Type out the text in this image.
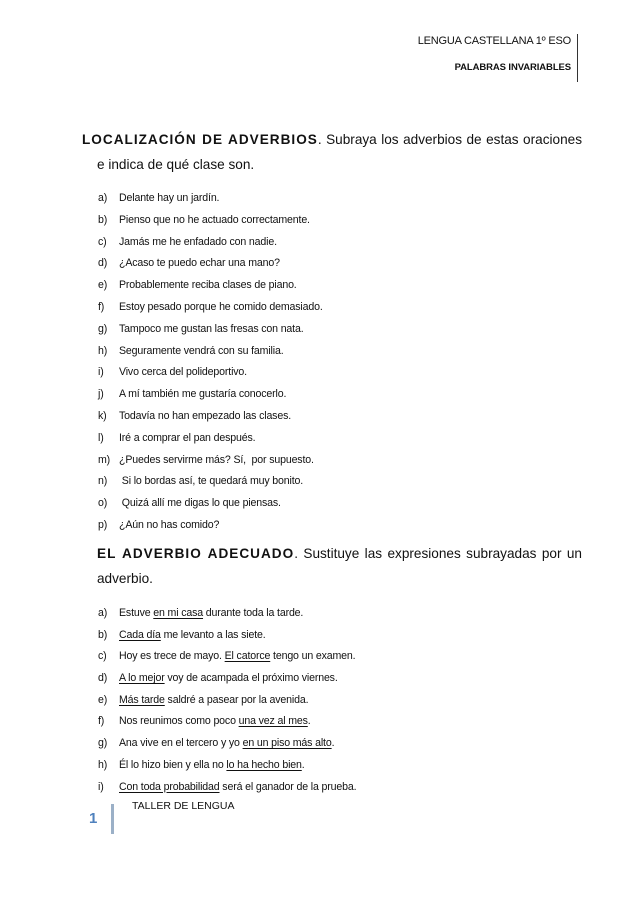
LENGUA CASTELLANA 1º ESO
PALABRAS INVARIABLES

LOCALIZACIÓN DE ADVERBIOS. Subraya los adverbios de estas oraciones e indica de qué clase son.

a) Delante hay un jardín.
b) Pienso que no he actuado correctamente.
c) Jamás me he enfadado con nadie.
d) ¿Acaso te puedo echar una mano?
e) Probablemente reciba clases de piano.
f) Estoy pesado porque he comido demasiado.
g) Tampoco me gustan las fresas con nata.
h) Seguramente vendrá con su familia.
i) Vivo cerca del polideportivo.
j) A mí también me gustaría conocerlo.
k) Todavía no han empezado las clases.
l) Iré a comprar el pan después.
m) ¿Puedes servirme más? Sí,  por supuesto.
n) Si lo bordas así, te quedará muy bonito.
o) Quizá allí me digas lo que piensas.
p) ¿Aún no has comido?

EL ADVERBIO ADECUADO. Sustituye las expresiones subrayadas por un adverbio.

a) Estuve en mi casa durante toda la tarde.
b) Cada día me levanto a las siete.
c) Hoy es trece de mayo. El catorce tengo un examen.
d) A lo mejor voy de acampada el próximo viernes.
e) Más tarde saldré a pasear por la avenida.
f) Nos reunimos como poco una vez al mes.
g) Ana vive en el tercero y yo en un piso más alto.
h) Él lo hizo bien y ella no lo ha hecho bien.
i) Con toda probabilidad será el ganador de la prueba.
1
TALLER DE LENGUA
